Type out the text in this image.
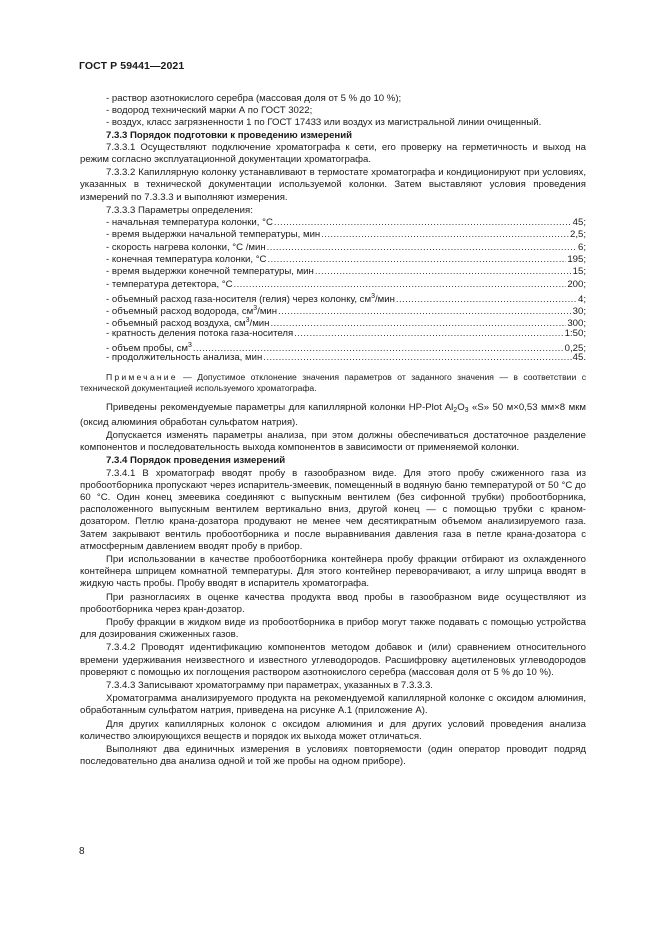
ГОСТ Р 59441—2021

- раствор азотнокислого серебра (массовая доля от 5 % до 10 %);

- водород технический марки А по ГОСТ 3022;

- воздух, класс загрязненности 1 по ГОСТ 17433 или воздух из магистральной линии очищенный.

7.3.3 Порядок подготовки к проведению измерений

7.3.3.1 Осуществляют подключение хроматографа к сети, его проверку на герметичность и выход на режим согласно эксплуатационной документации хроматографа.

7.3.3.2 Капиллярную колонку устанавливают в термостате хроматографа и кондиционируют при условиях, указанных в технической документации используемой колонки. Затем выставляют условия проведения измерений по 7.3.3.3 и выполняют измерения.

7.3.3.3 Параметры определения:

- начальная температура колонки, °С .....	45;
- время выдержки начальной температуры, мин .....	2,5;
- скорость нагрева колонки, °С /мин .....	6;
- конечная температура колонки, °С .....	195;
- время выдержки конечной температуры, мин .....	15;
- температура детектора, °С .....	200;
- объемный расход газа-носителя (гелия) через колонку, $см^3$/мин .....	4;
- объемный расход водорода, $см^3$/мин .....	30;
- объемный расход воздуха, $см^3$/мин .....	300;
- кратность деления потока газа-носителя .....	1:50;
- объем пробы, $см^3$ .....	0,25;
- продолжительность анализа, мин .....	45.

Примечание — Допустимое отклонение значения параметров от заданного значения — в соответствии с технической документацией используемого хроматографа.

Приведены рекомендуемые параметры для капиллярной колонки HP-Plot $Al_2O_3$ «S» 50 м×0,53 мм×8 мкм (оксид алюминия обработан сульфатом натрия).

Допускается изменять параметры анализа, при этом должны обеспечиваться достаточное разделение компонентов и последовательность выхода компонентов в зависимости от применяемой колонки.

7.3.4 Порядок проведения измерений

7.3.4.1 В хроматограф вводят пробу в газообразном виде. Для этого пробу сжиженного газа из пробоотборника пропускают через испаритель-змеевик, помещенный в водяную баню температурой от 50 °С до 60 °С. Один конец змеевика соединяют с выпускным вентилем (без сифонной трубки) пробоотборника, расположенного выпускным вентилем вертикально вниз, другой конец — с помощью трубки с краном-дозатором. Петлю крана-дозатора продувают не менее чем десятикратным объемом анализируемого газа. Затем закрывают вентиль пробоотборника и после выравнивания давления газа в петле крана-дозатора с атмосферным давлением вводят пробу в прибор.

При использовании в качестве пробоотборника контейнера пробу фракции отбирают из охлажденного контейнера шприцем комнатной температуры. Для этого контейнер переворачивают, а иглу шприца вводят в жидкую часть пробы. Пробу вводят в испаритель хроматографа.

При разногласиях в оценке качества продукта ввод пробы в газообразном виде осуществляют из пробоотборника через кран-дозатор.

Пробу фракции в жидком виде из пробоотборника в прибор могут также подавать с помощью устройства для дозирования сжиженных газов.

7.3.4.2 Проводят идентификацию компонентов методом добавок и (или) сравнением относительного времени удерживания неизвестного и известного углеводородов. Расшифровку ацетиленовых углеводородов проверяют с помощью их поглощения раствором азотнокислого серебра (массовая доля от 5 % до 10 %).

7.3.4.3 Записывают хроматограмму при параметрах, указанных в 7.3.3.3.

Хроматограмма анализируемого продукта на рекомендуемой капиллярной колонке с оксидом алюминия, обработанным сульфатом натрия, приведена на рисунке А.1 (приложение А).

Для других капиллярных колонок с оксидом алюминия и для других условий проведения анализа количество элюирующихся веществ и порядок их выхода может отличаться.

Выполняют два единичных измерения в условиях повторяемости (один оператор проводит подряд последовательно два анализа одной и той же пробы на одном приборе).

8
